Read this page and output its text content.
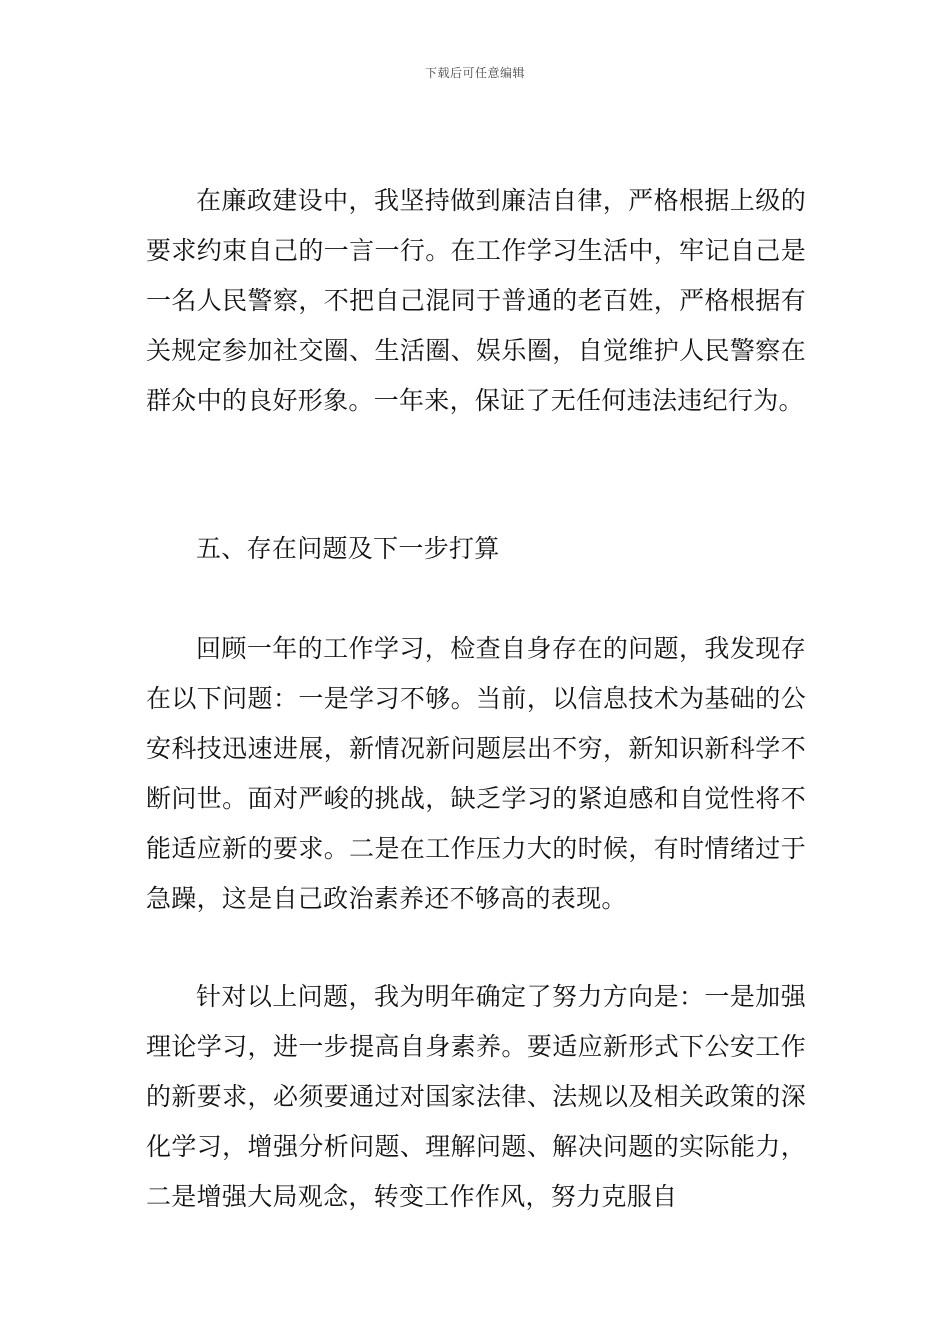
下载后可任意编辑

在廉政建设中，我坚持做到廉洁自律，严格根据上级的要求约束自己的一言一行。在工作学习生活中，牢记自己是一名人民警察，不把自己混同于普通的老百姓，严格根据有关规定参加社交圈、生活圈、娱乐圈，自觉维护人民警察在群众中的良好形象。一年来，保证了无任何违法违纪行为。

五、存在问题及下一步打算

回顾一年的工作学习，检查自身存在的问题，我发现存在以下问题：一是学习不够。当前，以信息技术为基础的公安科技迅速进展，新情况新问题层出不穷，新知识新科学不断问世。面对严峻的挑战，缺乏学习的紧迫感和自觉性将不能适应新的要求。二是在工作压力大的时候，有时情绪过于急躁，这是自己政治素养还不够高的表现。

针对以上问题，我为明年确定了努力方向是：一是加强理论学习，进一步提高自身素养。要适应新形式下公安工作的新要求，必须要通过对国家法律、法规以及相关政策的深化学习，增强分析问题、理解问题、解决问题的实际能力，二是增强大局观念，转变工作作风，努力克服自
